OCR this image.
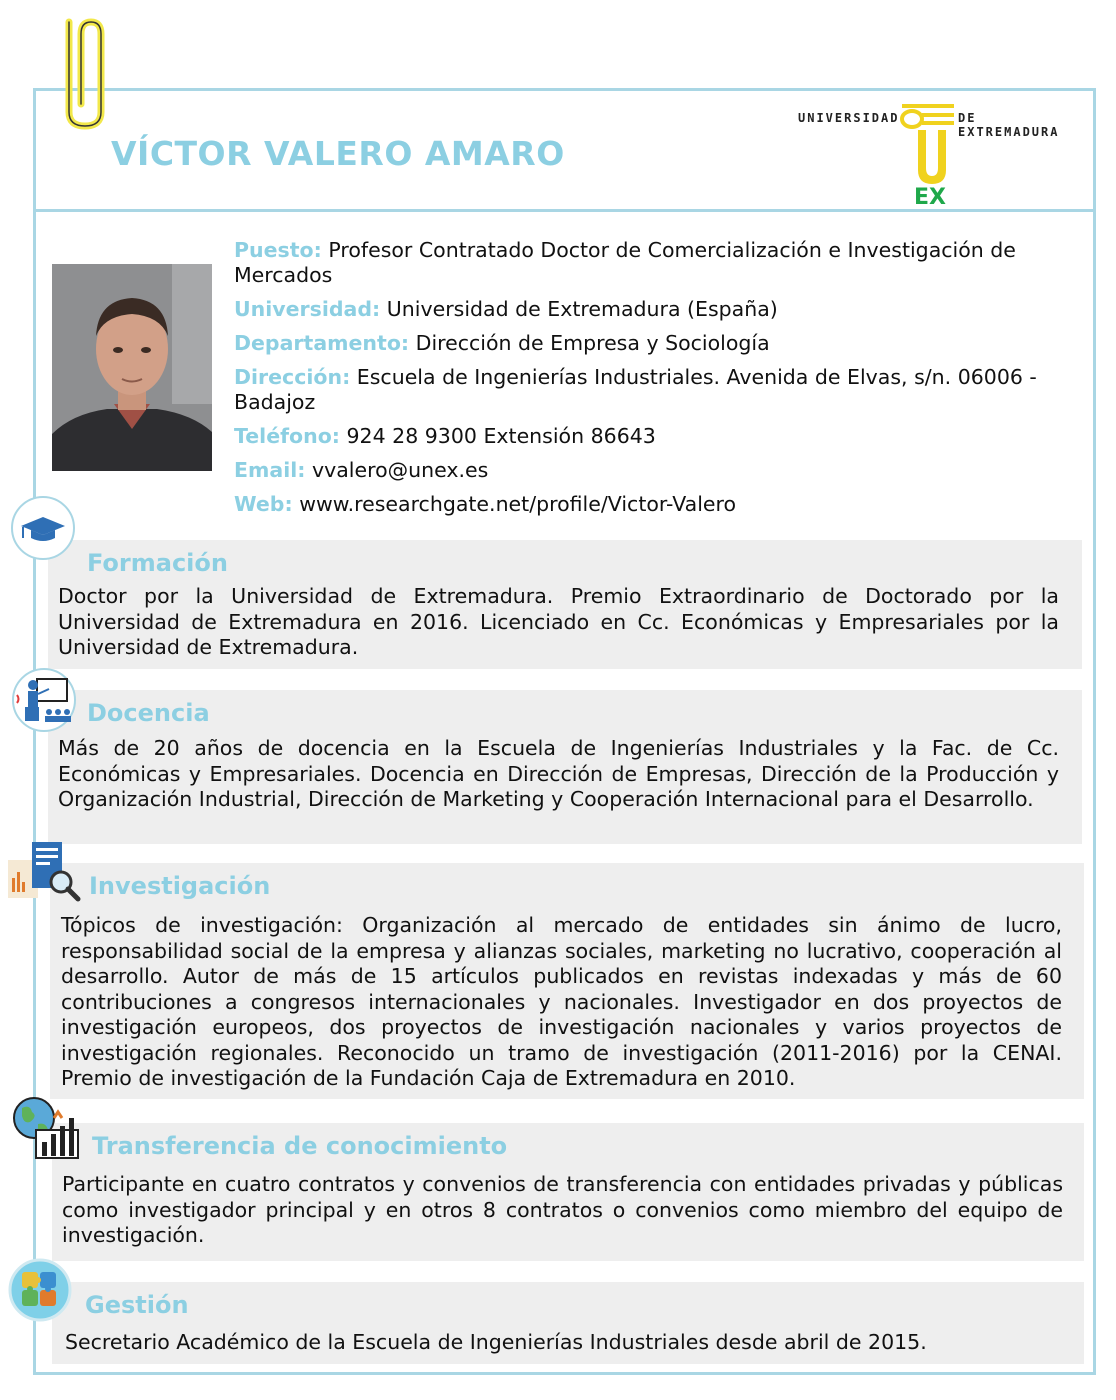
VÍCTOR VALERO AMARO
UNIVERSIDAD
EX
DE EXTREMADURA
Puesto: Profesor Contratado Doctor de Comercialización e Investigación de Mercados
Universidad: Universidad de Extremadura (España)
Departamento: Dirección de Empresa y Sociología
Dirección: Escuela de Ingenierías Industriales. Avenida de Elvas, s/n. 06006 - Badajoz
Teléfono: 924 28 9300 Extensión 86643
Email: vvalero@unex.es
Web: www.researchgate.net/profile/Victor-Valero
Formación
Doctor por la Universidad de Extremadura. Premio Extraordinario de Doctorado por la Universidad de Extremadura en 2016. Licenciado en Cc. Económicas y Empresariales por la Universidad de Extremadura.
Docencia
Más de 20 años de docencia en la Escuela de Ingenierías Industriales y la Fac. de Cc. Económicas y Empresariales. Docencia en Dirección de Empresas, Dirección de la Producción y Organización Industrial, Dirección de Marketing y Cooperación Internacional para el Desarrollo.
Investigación
Tópicos de investigación: Organización al mercado de entidades sin ánimo de lucro, responsabilidad social de la empresa y alianzas sociales, marketing no lucrativo, cooperación al desarrollo. Autor de más de 15 artículos publicados en revistas indexadas y más de 60 contribuciones a congresos internacionales y nacionales. Investigador en dos proyectos de investigación europeos, dos proyectos de investigación nacionales y varios proyectos de investigación regionales. Reconocido un tramo de investigación (2011-2016) por la CENAI. Premio de investigación de la Fundación Caja de Extremadura en 2010.
Transferencia de conocimiento
Participante en cuatro contratos y convenios de transferencia con entidades privadas y públicas como investigador principal y en otros 8 contratos o convenios como miembro del equipo de investigación.
Gestión
Secretario Académico de la Escuela de Ingenierías Industriales desde abril de 2015.
